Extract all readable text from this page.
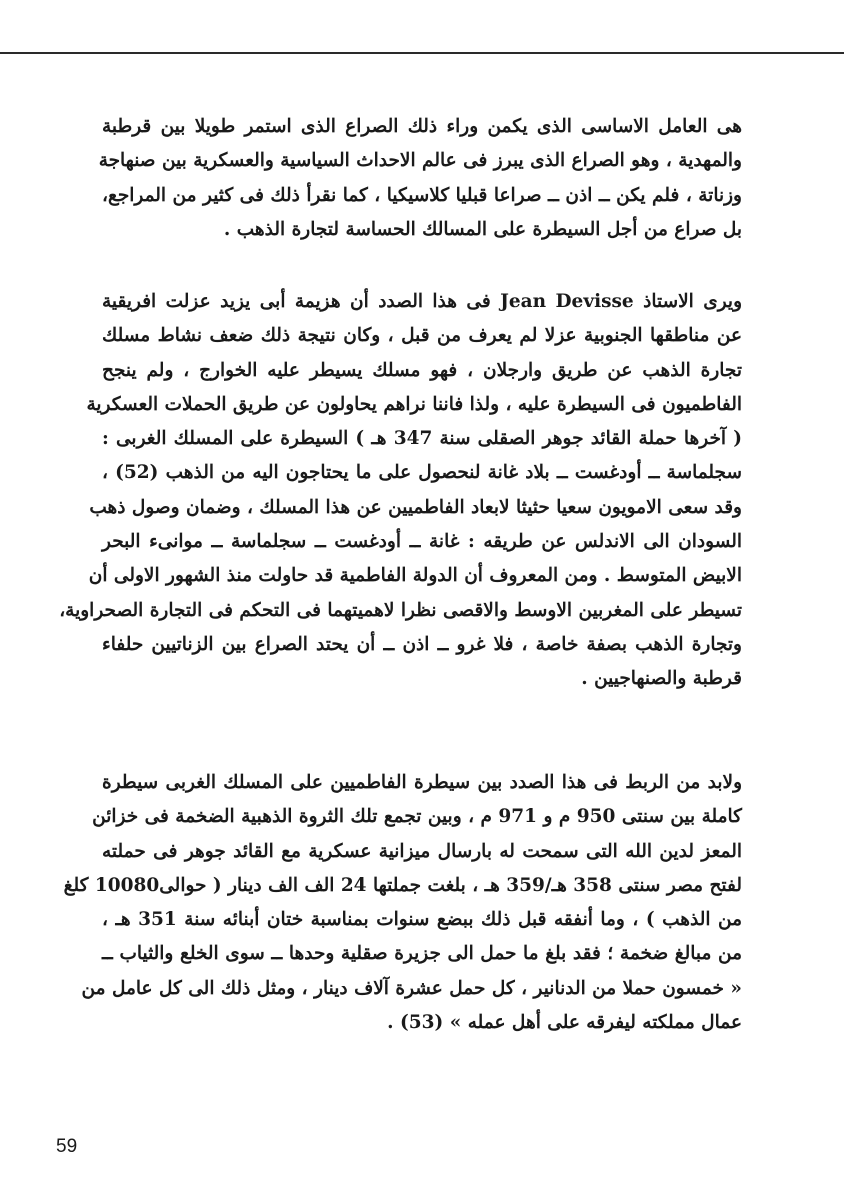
هى العامل الاساسى الذى يكمن وراء ذلك الصراع الذى استمر طويلا بين قرطبة
والمهدية ، وهو الصراع الذى يبرز فى عالم الاحداث السياسية والعسكرية بين صنهاجة
وزناتة ، فلم يكن ــ اذن ــ صراعا قبليا كلاسيكيا ، كما نقرأ ذلك فى كثير من المراجع،
بل صراع من أجل السيطرة على المسالك الحساسة لتجارة الذهب .

ويرى الاستاذ Jean Devisse فى هذا الصدد أن هزيمة أبى يزيد عزلت افريقية
عن مناطقها الجنوبية عزلا لم يعرف من قبل ، وكان نتيجة ذلك ضعف نشاط مسلك
تجارة الذهب عن طريق وارجلان ، فهو مسلك يسيطر عليه الخوارج ، ولم ينجح
الفاطميون فى السيطرة عليه ، ولذا فاننا نراهم يحاولون عن طريق الحملات العسكرية
( آخرها حملة القائد جوهر الصقلى سنة 347 هـ ) السيطرة على المسلك الغربى :
سجلماسة ــ أودغست ــ بلاد غانة لنحصول على ما يحتاجون اليه من الذهب (52) ،
وقد سعى الامويون سعيا حثيثا لابعاد الفاطميين عن هذا المسلك ، وضمان وصول ذهب
السودان الى الاندلس عن طريقه : غانة ــ أودغست ــ سجلماسة ــ موانىء البحر
الابيض المتوسط . ومن المعروف أن الدولة الفاطمية قد حاولت منذ الشهور الاولى أن
تسيطر على المغربين الاوسط والاقصى نظرا لاهميتهما فى التحكم فى التجارة الصحراوية،
وتجارة الذهب بصفة خاصة ، فلا غرو ــ اذن ــ أن يحتد الصراع بين الزناتيين حلفاء
قرطبة والصنهاجيين .

ولابد من الربط فى هذا الصدد بين سيطرة الفاطميين على المسلك الغربى سيطرة
كاملة بين سنتى 950 م و 971 م ، وبين تجمع تلك الثروة الذهبية الضخمة فى خزائن
المعز لدين الله التى سمحت له بارسال ميزانية عسكرية مع القائد جوهر فى حملته
لفتح مصر سنتى 358 هـ/359 هـ ، بلغت جملتها 24 الف الف دينار ( حوالى10080 كلغ
من الذهب ) ، وما أنفقه قبل ذلك ببضع سنوات بمناسبة ختان أبنائه سنة 351 هـ ،
من مبالغ ضخمة ؛ فقد بلغ ما حمل الى جزيرة صقلية وحدها ــ سوى الخلع والثياب ــ
« خمسون حملا من الدنانير ، كل حمل عشرة آلاف دينار ، ومثل ذلك الى كل عامل من
عمال مملكته ليفرقه على أهل عمله » (53) .

59
